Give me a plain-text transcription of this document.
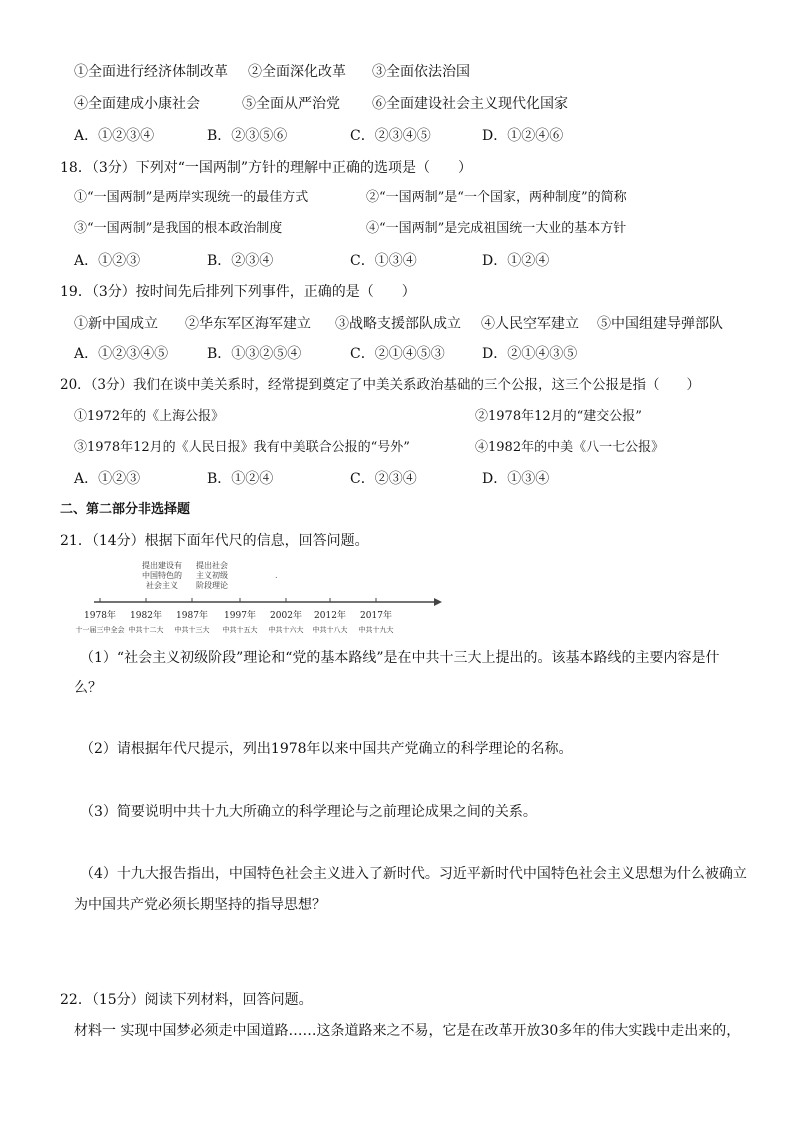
①全面进行经济体制改革 ②全面深化改革 ③全面依法治国
④全面建成小康社会	⑤全面从严治党 ⑥全面建设社会主义现代化国家
A．①②③④	B．②③⑤⑥	C．②③④⑤	D．①②④⑥
18．（3分）下列对“一国两制”方针的理解中正确的选项是（　　）
①“一国两制”是两岸实现统一的最佳方式	②“一国两制”是“一个国家，两种制度”的简称
③“一国两制”是我国的根本政治制度	④“一国两制”是完成祖国统一大业的基本方针
A．①②③	B．②③④	C．①③④	D．①②④
19．（3分）按时间先后排列下列事件，正确的是（　　）
①新中国成立 ②华东军区海军建立 ③战略支援部队成立 ④人民空军建立 ⑤中国组建导弹部队
A．①②③④⑤	B．①③②⑤④	C．②①④⑤③	D．②①④③⑤
20．（3分）我们在谈中美关系时，经常提到奠定了中美关系政治基础的三个公报，这三个公报是指（　　）
①1972年的《上海公报》	②1978年12月的“建交公报”
③1978年12月的《人民日报》我有中美联合公报的“号外”	④1982年的中美《八一七公报》
A．①②③	B．①②④	C．②③④	D．①③④
二、第二部分非选择题
21．（14分）根据下面年代尺的信息，回答问题。
提出建设有
中国特色的
社会主义
提出社会
主义初级
阶段理论
.
1978年
十一届三中全会
1982年
中共十二大
1987年
中共十三大
1997年
中共十五大
2002年
中共十六大
2012年
中共十八大
2017年
中共十九大
（1）“社会主义初级阶段”理论和“党的基本路线”是在中共十三大上提出的。该基本路线的主要内容是什
么？
（2）请根据年代尺提示，列出1978年以来中国共产党确立的科学理论的名称。
（3）简要说明中共十九大所确立的科学理论与之前理论成果之间的关系。
（4）十九大报告指出，中国特色社会主义进入了新时代。习近平新时代中国特色社会主义思想为什么被确立
为中国共产党必须长期坚持的指导思想？
22．（15分）阅读下列材料，回答问题。
材料一 实现中国梦必须走中国道路……这条道路来之不易，它是在改革开放30多年的伟大实践中走出来的，
